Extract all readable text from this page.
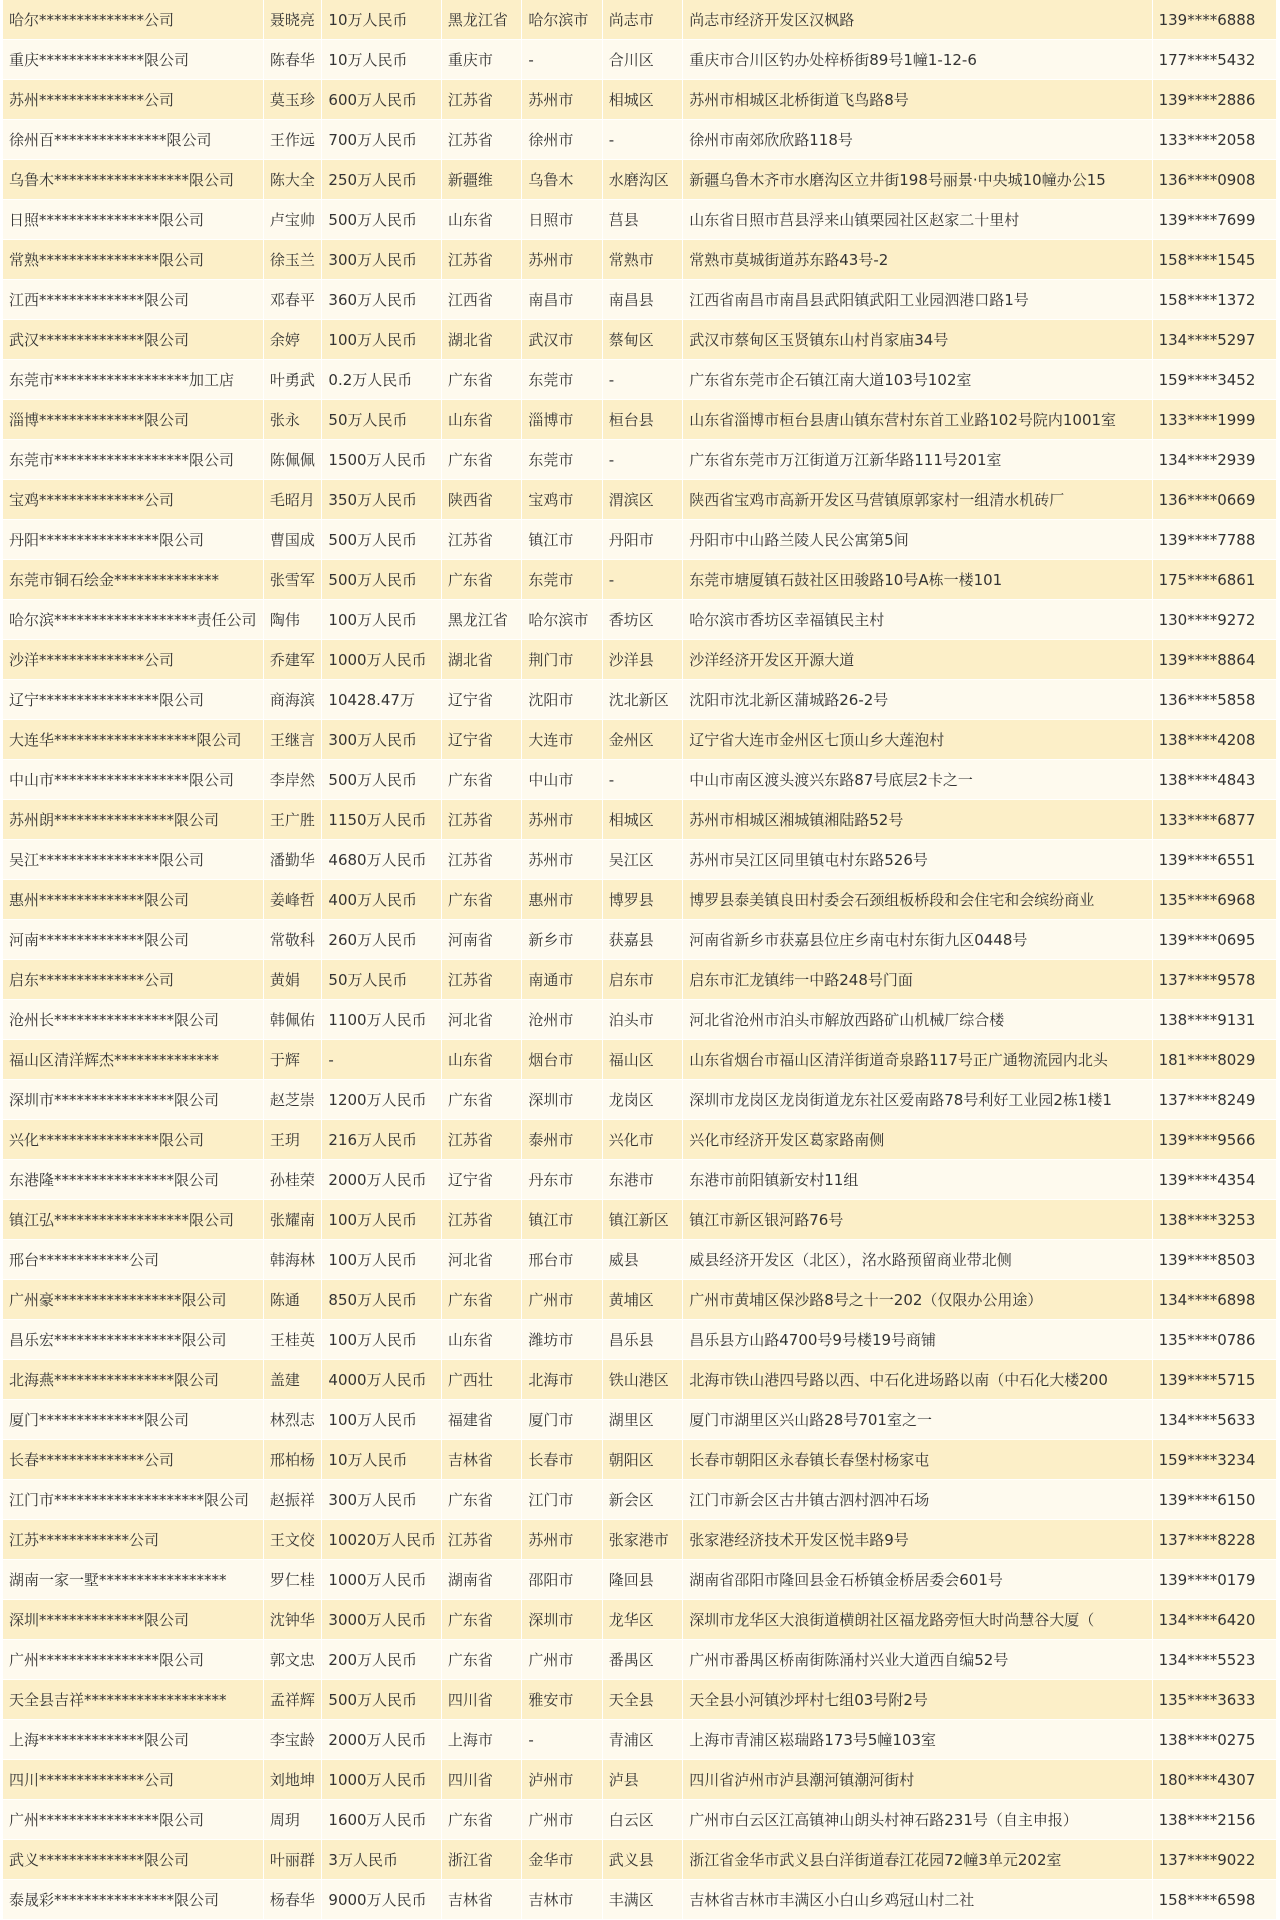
哈尔**************公司	聂晓亮	10万人民币	黑龙江省	哈尔滨市	尚志市	尚志市经济开发区汉枫路	139****6888
重庆**************限公司	陈春华	10万人民币	重庆市	-	合川区	重庆市合川区钓办处梓桥街89号1幢1-12-6	177****5432
苏州**************公司	莫玉珍	600万人民币	江苏省	苏州市	相城区	苏州市相城区北桥街道飞鸟路8号	139****2886
徐州百***************限公司	王作远	700万人民币	江苏省	徐州市	-	徐州市南郊欣欣路118号	133****2058
乌鲁木******************限公司	陈大全	250万人民币	新疆维	乌鲁木	水磨沟区	新疆乌鲁木齐市水磨沟区立井街198号丽景·中央城10幢办公15	136****0908
日照****************限公司	卢宝帅	500万人民币	山东省	日照市	莒县	山东省日照市莒县浮来山镇栗园社区赵家二十里村	139****7699
常熟****************限公司	徐玉兰	300万人民币	江苏省	苏州市	常熟市	常熟市莫城街道苏东路43号-2	158****1545
江西**************限公司	邓春平	360万人民币	江西省	南昌市	南昌县	江西省南昌市南昌县武阳镇武阳工业园泗港口路1号	158****1372
武汉**************限公司	余婷	100万人民币	湖北省	武汉市	蔡甸区	武汉市蔡甸区玉贤镇东山村肖家庙34号	134****5297
东莞市******************加工店	叶勇武	0.2万人民币	广东省	东莞市	-	广东省东莞市企石镇江南大道103号102室	159****3452
淄博**************限公司	张永	50万人民币	山东省	淄博市	桓台县	山东省淄博市桓台县唐山镇东营村东首工业路102号院内1001室	133****1999
东莞市******************限公司	陈佩佩	1500万人民币	广东省	东莞市	-	广东省东莞市万江街道万江新华路111号201室	134****2939
宝鸡**************公司	毛昭月	350万人民币	陕西省	宝鸡市	渭滨区	陕西省宝鸡市高新开发区马营镇原郭家村一组清水机砖厂	136****0669
丹阳****************限公司	曹国成	500万人民币	江苏省	镇江市	丹阳市	丹阳市中山路兰陵人民公寓第5间	139****7788
东莞市铜石绘金**************	张雪军	500万人民币	广东省	东莞市	-	东莞市塘厦镇石鼓社区田骏路10号A栋一楼101	175****6861
哈尔滨*******************责任公司	陶伟	100万人民币	黑龙江省	哈尔滨市	香坊区	哈尔滨市香坊区幸福镇民主村	130****9272
沙洋**************公司	乔建军	1000万人民币	湖北省	荆门市	沙洋县	沙洋经济开发区开源大道	139****8864
辽宁****************限公司	商海滨	10428.47万	辽宁省	沈阳市	沈北新区	沈阳市沈北新区蒲城路26-2号	136****5858
大连华*******************限公司	王继言	300万人民币	辽宁省	大连市	金州区	辽宁省大连市金州区七顶山乡大莲泡村	138****4208
中山市******************限公司	李岸然	500万人民币	广东省	中山市	-	中山市南区渡头渡兴东路87号底层2卡之一	138****4843
苏州朗****************限公司	王广胜	1150万人民币	江苏省	苏州市	相城区	苏州市相城区湘城镇湘陆路52号	133****6877
吴江****************限公司	潘勤华	4680万人民币	江苏省	苏州市	吴江区	苏州市吴江区同里镇屯村东路526号	139****6551
惠州**************限公司	姜峰哲	400万人民币	广东省	惠州市	博罗县	博罗县泰美镇良田村委会石颈组板桥段和会住宅和会缤纷商业	135****6968
河南**************限公司	常敬科	260万人民币	河南省	新乡市	获嘉县	河南省新乡市获嘉县位庄乡南屯村东街九区0448号	139****0695
启东**************公司	黄娟	50万人民币	江苏省	南通市	启东市	启东市汇龙镇纬一中路248号门面	137****9578
沧州长****************限公司	韩佩佑	1100万人民币	河北省	沧州市	泊头市	河北省沧州市泊头市解放西路矿山机械厂综合楼	138****9131
福山区清洋辉杰**************	于辉	-	山东省	烟台市	福山区	山东省烟台市福山区清洋街道奇泉路117号正广通物流园内北头	181****8029
深圳市****************限公司	赵芝崇	1200万人民币	广东省	深圳市	龙岗区	深圳市龙岗区龙岗街道龙东社区爱南路78号利好工业园2栋1楼1	137****8249
兴化****************限公司	王玥	216万人民币	江苏省	泰州市	兴化市	兴化市经济开发区葛家路南侧	139****9566
东港隆****************限公司	孙桂荣	2000万人民币	辽宁省	丹东市	东港市	东港市前阳镇新安村11组	139****4354
镇江弘******************限公司	张耀南	100万人民币	江苏省	镇江市	镇江新区	镇江市新区银河路76号	138****3253
邢台************公司	韩海林	100万人民币	河北省	邢台市	威县	威县经济开发区（北区），洺水路预留商业带北侧	139****8503
广州豪*****************限公司	陈通	850万人民币	广东省	广州市	黄埔区	广州市黄埔区保沙路8号之十一202（仅限办公用途）	134****6898
昌乐宏*****************限公司	王桂英	100万人民币	山东省	潍坊市	昌乐县	昌乐县方山路4700号9号楼19号商铺	135****0786
北海燕****************限公司	盖建	4000万人民币	广西壮	北海市	铁山港区	北海市铁山港四号路以西、中石化进场路以南（中石化大楼200	139****5715
厦门**************限公司	林烈志	100万人民币	福建省	厦门市	湖里区	厦门市湖里区兴山路28号701室之一	134****5633
长春**************公司	邢柏杨	10万人民币	吉林省	长春市	朝阳区	长春市朝阳区永春镇长春堡村杨家屯	159****3234
江门市********************限公司	赵振祥	300万人民币	广东省	江门市	新会区	江门市新会区古井镇古泗村泗冲石场	139****6150
江苏************公司	王文佼	10020万人民币	江苏省	苏州市	张家港市	张家港经济技术开发区悦丰路9号	137****8228
湖南一家一墅*****************	罗仁桂	1000万人民币	湖南省	邵阳市	隆回县	湖南省邵阳市隆回县金石桥镇金桥居委会601号	139****0179
深圳**************限公司	沈钟华	3000万人民币	广东省	深圳市	龙华区	深圳市龙华区大浪街道横朗社区福龙路旁恒大时尚慧谷大厦（	134****6420
广州****************限公司	郭文忠	200万人民币	广东省	广州市	番禺区	广州市番禺区桥南街陈涌村兴业大道西自编52号	134****5523
天全县吉祥*******************	孟祥辉	500万人民币	四川省	雅安市	天全县	天全县小河镇沙坪村七组03号附2号	135****3633
上海**************限公司	李宝龄	2000万人民币	上海市	-	青浦区	上海市青浦区崧瑞路173号5幢103室	138****0275
四川**************公司	刘地坤	1000万人民币	四川省	泸州市	泸县	四川省泸州市泸县潮河镇潮河街村	180****4307
广州****************限公司	周玥	1600万人民币	广东省	广州市	白云区	广州市白云区江高镇神山朗头村神石路231号（自主申报）	138****2156
武义**************限公司	叶丽群	3万人民币	浙江省	金华市	武义县	浙江省金华市武义县白洋街道春江花园72幢3单元202室	137****9022
泰晟彩****************限公司	杨春华	9000万人民币	吉林省	吉林市	丰满区	吉林省吉林市丰满区小白山乡鸡冠山村二社	158****6598
